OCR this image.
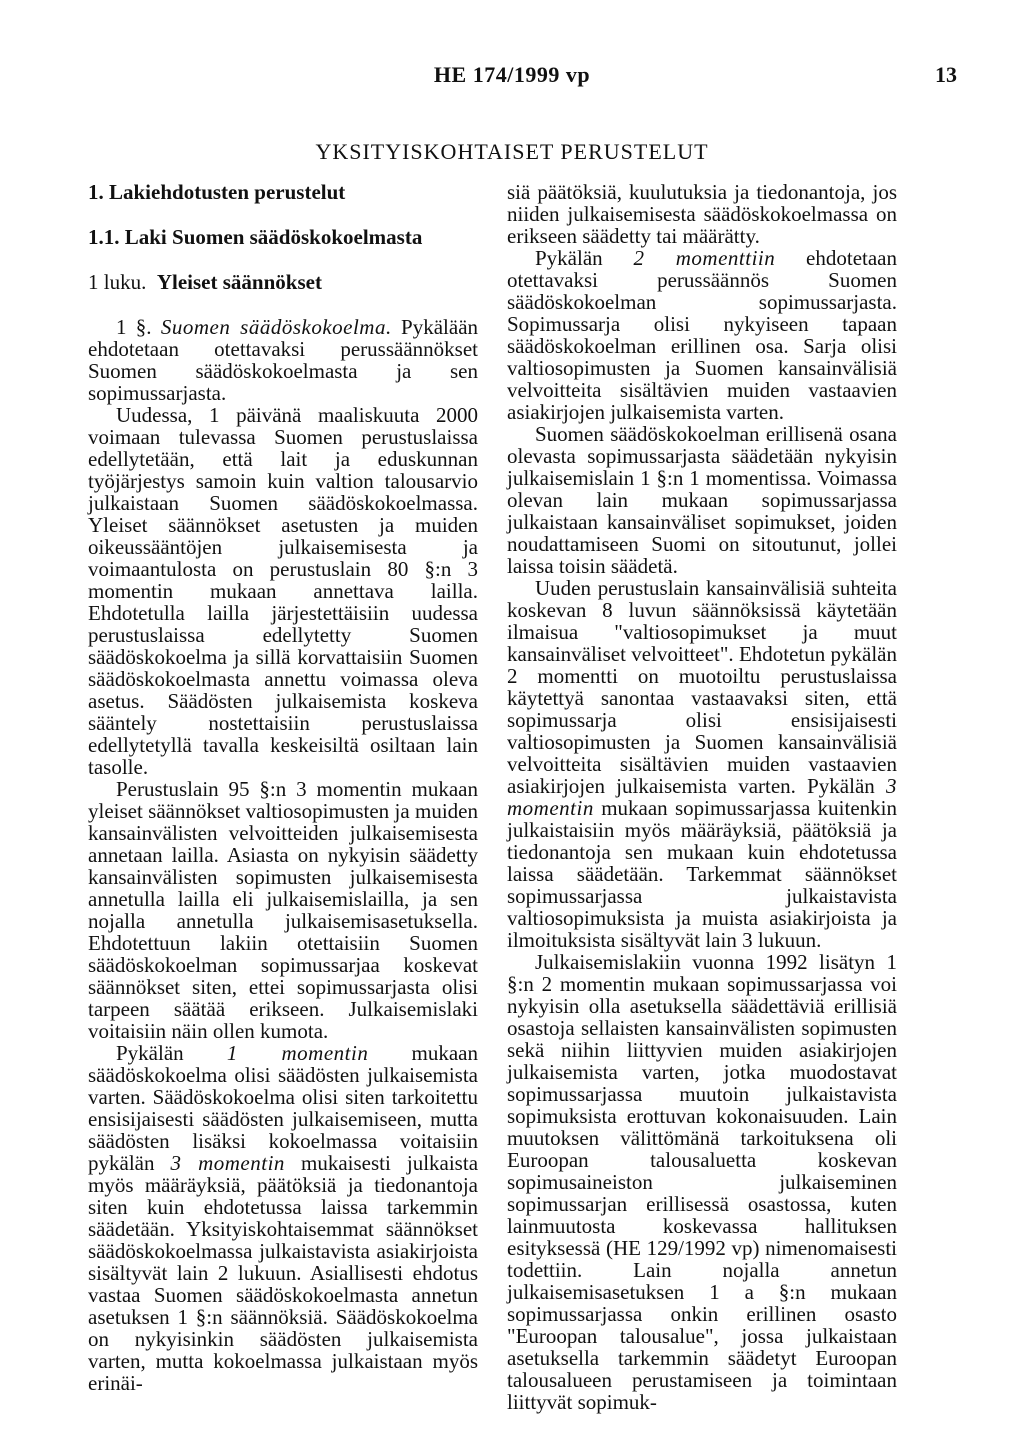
HE 174/1999 vp	13
YKSITYISKOHTAISET PERUSTELUT
1. Lakiehdotusten perustelut
1.1. Laki Suomen säädöskokoelmasta
1 luku. Yleiset säännökset

1 §. Suomen säädöskokoelma. Pykälään ehdotetaan otettavaksi perussäännökset Suomen säädöskokoelmasta ja sen sopimussarjasta.

Uudessa, 1 päivänä maaliskuuta 2000 voimaan tulevassa Suomen perustuslaissa edellytetään, että lait ja eduskunnan työjärjestys samoin kuin valtion talousarvio julkaistaan Suomen säädöskokoelmassa. Yleiset säännökset asetusten ja muiden oikeussääntöjen julkaisemisesta ja voimaantulosta on perustuslain 80 §:n 3 momentin mukaan annettava lailla. Ehdotetulla lailla järjestettäisiin uudessa perustuslaissa edellytetty Suomen säädöskokoelma ja sillä korvattaisiin Suomen säädöskokoelmasta annettu voimassa oleva asetus. Säädösten julkaisemista koskeva sääntely nostettaisiin perustuslaissa edellytetyllä tavalla keskeisiltä osiltaan lain tasolle.

Perustuslain 95 §:n 3 momentin mukaan yleiset säännökset valtiosopimusten ja muiden kansainvälisten velvoitteiden julkaisemisesta annetaan lailla. Asiasta on nykyisin säädetty kansainvälisten sopimusten julkaisemisesta annetulla lailla eli julkaisemislailla, ja sen nojalla annetulla julkaisemisasetuksella. Ehdotettuun lakiin otettaisiin Suomen säädöskokoelman sopimussarjaa koskevat säännökset siten, ettei sopimussarjasta olisi tarpeen säätää erikseen. Julkaisemislaki voitaisiin näin ollen kumota.

Pykälän 1 momentin mukaan säädöskokoelma olisi säädösten julkaisemista varten. Säädöskokoelma olisi siten tarkoitettu ensisijaisesti säädösten julkaisemiseen, mutta säädösten lisäksi kokoelmassa voitaisiin pykälän 3 momentin mukaisesti julkaista myös määräyksiä, päätöksiä ja tiedonantoja siten kuin ehdotetussa laissa tarkemmin säädetään. Yksityiskohtaisemmat säännökset säädöskokoelmassa julkaistavista asiakirjoista sisältyvät lain 2 lukuun. Asiallisesti ehdotus vastaa Suomen säädöskokoelmasta annetun asetuksen 1 §:n säännöksiä. Säädöskokoelma on nykyisinkin säädösten julkaisemista varten, mutta kokoelmassa julkaistaan myös erinäi-

siä päätöksiä, kuulutuksia ja tiedonantoja, jos niiden julkaisemisesta säädöskokoelmassa on erikseen säädetty tai määrätty.

Pykälän 2 momenttiin ehdotetaan otettavaksi perussäännös Suomen säädöskokoelman sopimussarjasta. Sopimussarja olisi nykyiseen tapaan säädöskokoelman erillinen osa. Sarja olisi valtiosopimusten ja Suomen kansainvälisiä velvoitteita sisältävien muiden vastaavien asiakirjojen julkaisemista varten.

Suomen säädöskokoelman erillisenä osana olevasta sopimussarjasta säädetään nykyisin julkaisemislain 1 §:n 1 momentissa. Voimassa olevan lain mukaan sopimussarjassa julkaistaan kansainväliset sopimukset, joiden noudattamiseen Suomi on sitoutunut, jollei laissa toisin säädetä.

Uuden perustuslain kansainvälisiä suhteita koskevan 8 luvun säännöksissä käytetään ilmaisua "valtiosopimukset ja muut kansainväliset velvoitteet". Ehdotetun pykälän 2 momentti on muotoiltu perustuslaissa käytettyä sanontaa vastaavaksi siten, että sopimussarja olisi ensisijaisesti valtiosopimusten ja Suomen kansainvälisiä velvoitteita sisältävien muiden vastaavien asiakirjojen julkaisemista varten. Pykälän 3 momentin mukaan sopimussarjassa kuitenkin julkaistaisiin myös määräyksiä, päätöksiä ja tiedonantoja sen mukaan kuin ehdotetussa laissa säädetään. Tarkemmat säännökset sopimussarjassa julkaistavista valtiosopimuksista ja muista asiakirjoista ja ilmoituksista sisältyvät lain 3 lukuun.

Julkaisemislakiin vuonna 1992 lisätyn 1 §:n 2 momentin mukaan sopimussarjassa voi nykyisin olla asetuksella säädettäviä erillisiä osastoja sellaisten kansainvälisten sopimusten sekä niihin liittyvien muiden asiakirjojen julkaisemista varten, jotka muodostavat sopimussarjassa muutoin julkaistavista sopimuksista erottuvan kokonaisuuden. Lain muutoksen välittömänä tarkoituksena oli Euroopan talousaluetta koskevan sopimusaineiston julkaiseminen sopimussarjan erillisessä osastossa, kuten lainmuutosta koskevassa hallituksen esityksessä (HE 129/1992 vp) nimenomaisesti todettiin. Lain nojalla annetun julkaisemisasetuksen 1 a §:n mukaan sopimussarjassa onkin erillinen osasto "Euroopan talousalue", jossa julkaistaan asetuksella tarkemmin säädetyt Euroopan talousalueen perustamiseen ja toimintaan liittyvät sopimuk-
